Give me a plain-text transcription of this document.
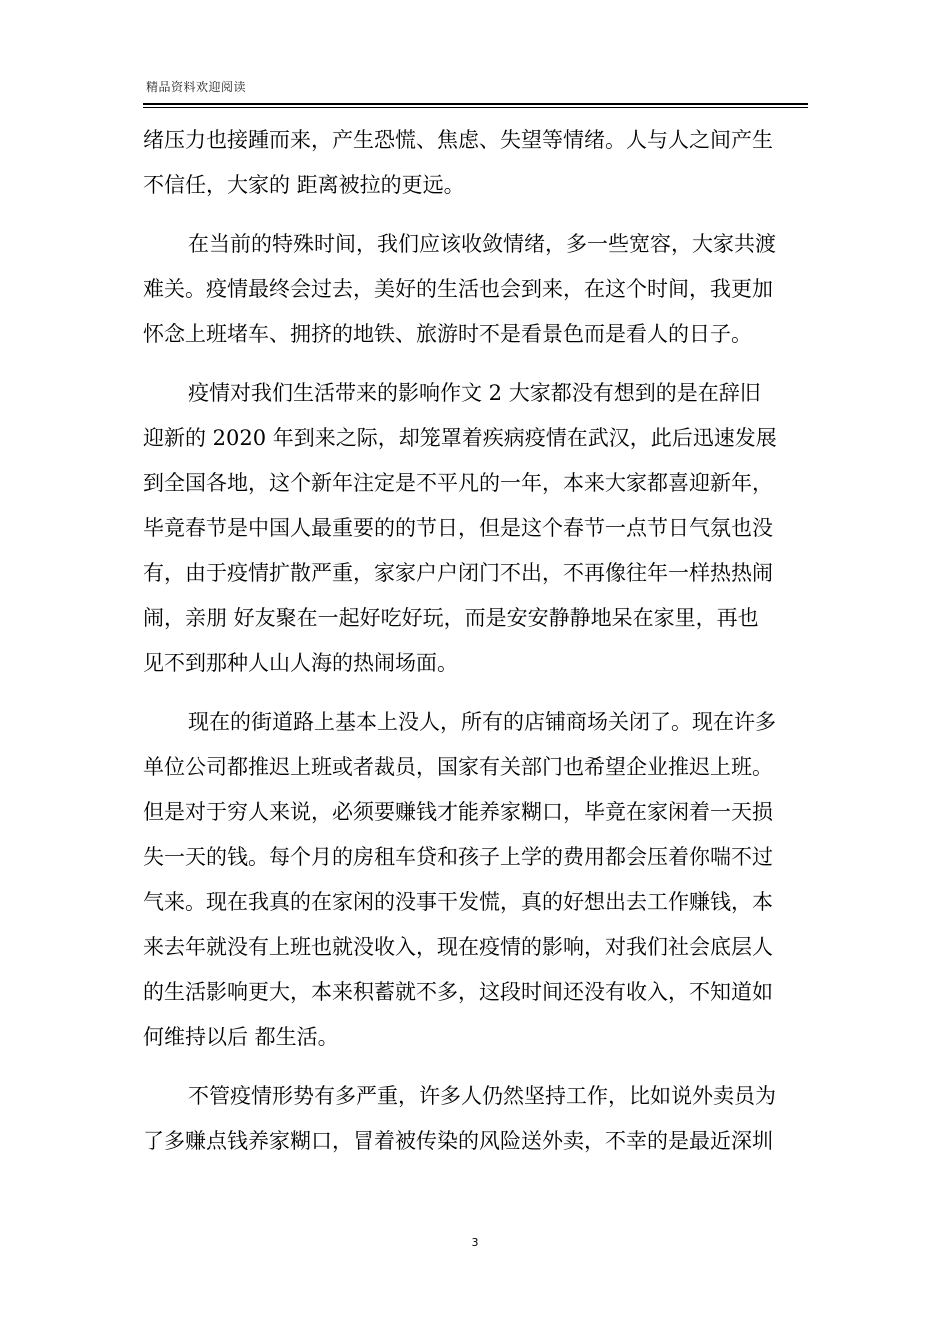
精品资料欢迎阅读
绪压力也接踵而来，产生恐慌、焦虑、失望等情绪。人与人之间产生
不信任，大家的 距离被拉的更远。
在当前的特殊时间，我们应该收敛情绪，多一些宽容，大家共渡
难关。疫情最终会过去，美好的生活也会到来，在这个时间，我更加
怀念上班堵车、拥挤的地铁、旅游时不是看景色而是看人的日子。
疫情对我们生活带来的影响作文 2 大家都没有想到的是在辞旧
迎新的 2020 年到来之际，却笼罩着疾病疫情在武汉，此后迅速发展
到全国各地，这个新年注定是不平凡的一年，本来大家都喜迎新年，
毕竟春节是中国人最重要的的节日，但是这个春节一点节日气氛也没
有，由于疫情扩散严重，家家户户闭门不出，不再像往年一样热热闹
闹，亲朋 好友聚在一起好吃好玩，而是安安静静地呆在家里，再也
见不到那种人山人海的热闹场面。
现在的街道路上基本上没人，所有的店铺商场关闭了。现在许多
单位公司都推迟上班或者裁员，国家有关部门也希望企业推迟上班。
但是对于穷人来说，必须要赚钱才能养家糊口，毕竟在家闲着一天损
失一天的钱。每个月的房租车贷和孩子上学的费用都会压着你喘不过
气来。现在我真的在家闲的没事干发慌，真的好想出去工作赚钱，本
来去年就没有上班也就没收入，现在疫情的影响，对我们社会底层人
的生活影响更大，本来积蓄就不多，这段时间还没有收入，不知道如
何维持以后 都生活。
不管疫情形势有多严重，许多人仍然坚持工作，比如说外卖员为
了多赚点钱养家糊口，冒着被传染的风险送外卖，不幸的是最近深圳
3
